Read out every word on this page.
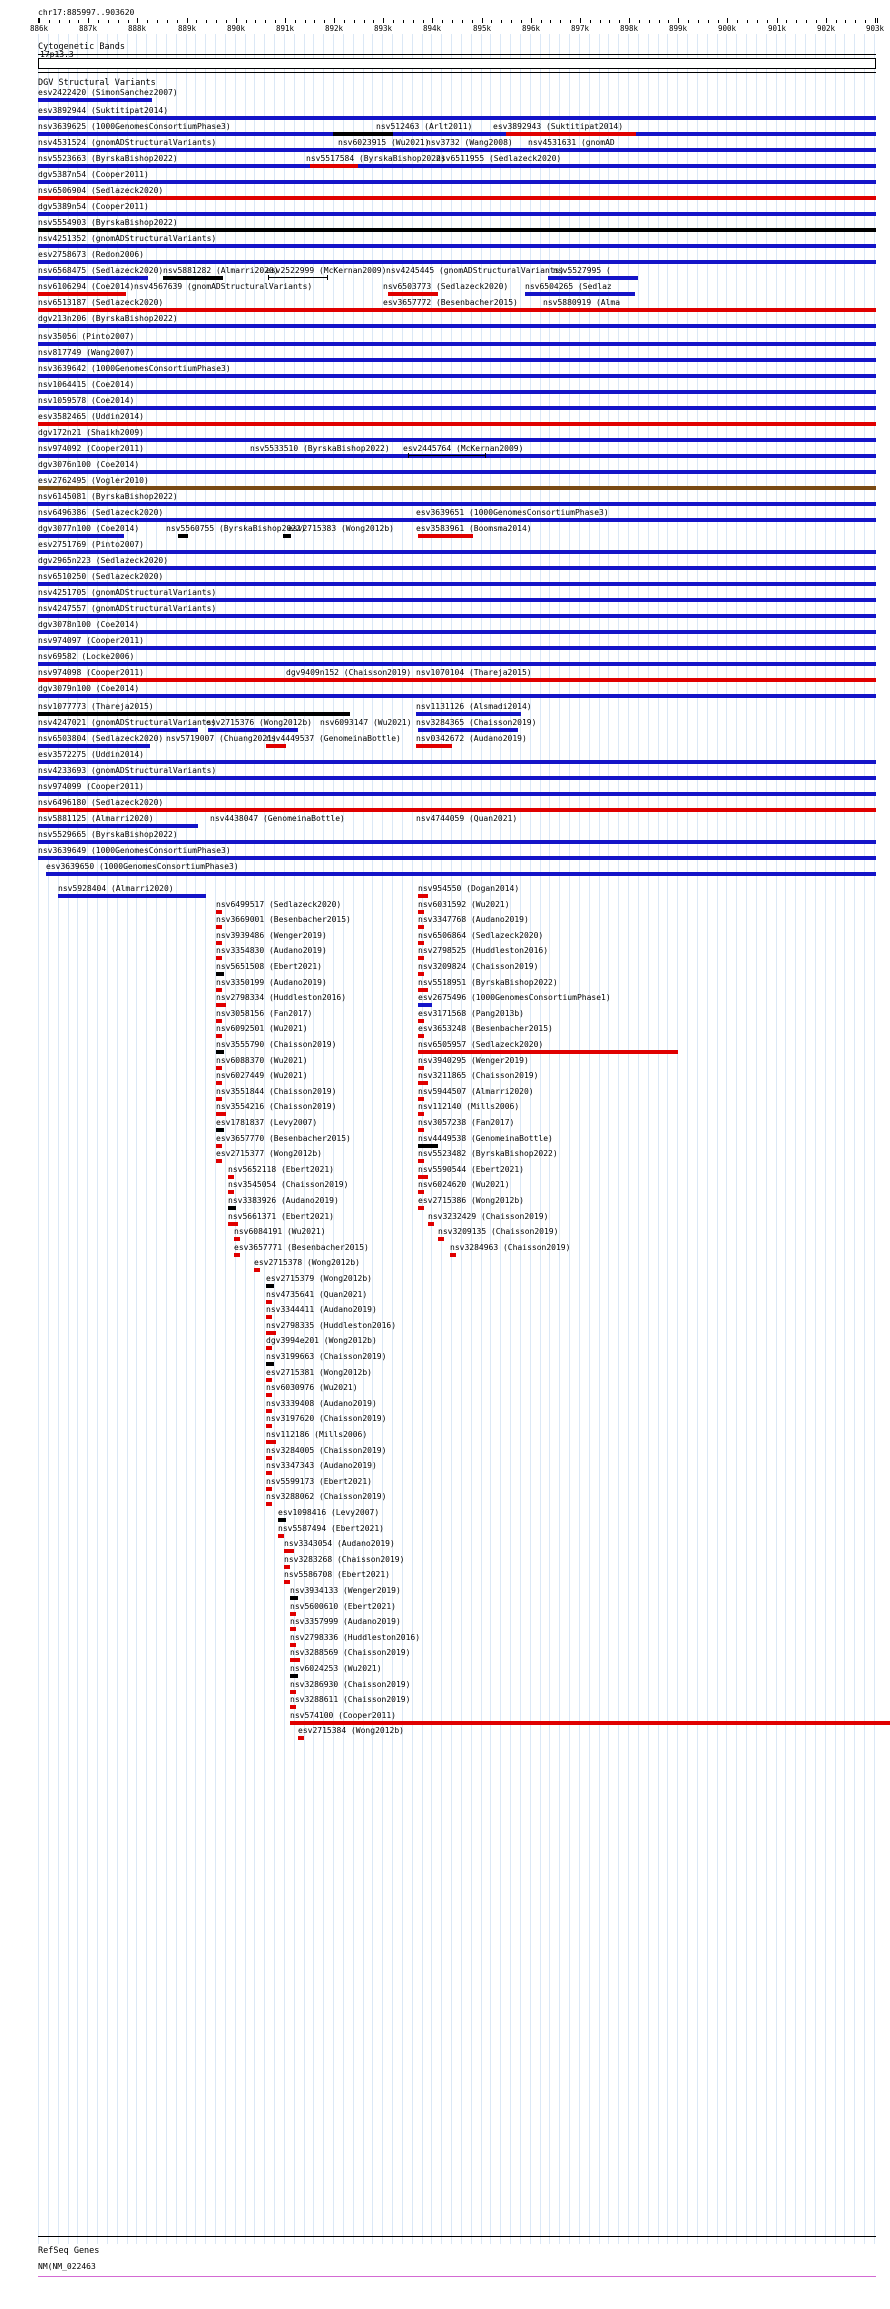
chr17:885997..903620
886k	887k	888k	889k	890k	891k	892k	893k	894k	895k	896k	897k	898k	899k	900k	901k	902k	903k
Cytogenetic Bands
17p13.3
DGV Structural Variants
esv2422420 (SimonSanchez2007)
esv3892944 (Suktitipat2014)
nsv3639625 (1000GenomesConsortiumPhase3)	nsv512463 (Arlt2011)	esv3892943 (Suktitipat2014)
nsv4531524 (gnomADStructuralVariants)	nsv6023915 (Wu2021)
nsv3732 (Wang2008) nsv4531631 (gnomAD
nsv5523663 (ByrskaBishop2022)	nsv5517584 (ByrskaBishop2022)
nsv6511955 (Sedlazeck2020)
dgv5387n54 (Cooper2011)
nsv6506904 (Sedlazeck2020)
dgv5389n54 (Cooper2011)
nsv5554903 (ByrskaBishop2022)
nsv4251352 (gnomADStructuralVariants)
esv2758673 (Redon2006)
nsv6568475 (Sedlazeck2020) nsv5881282 (Almarri2020)
esv2522999 (McKernan2009) nsv4245445 (gnomADStructuralVariants)
nsv5527995 (
nsv6106294 (Coe2014) nsv4567639 (gnomADStructuralVariants)	nsv6503773 (Sedlazeck2020) nsv6504265 (Sedlaz
nsv6513187 (Sedlazeck2020)	esv3657772 (Besenbacher2015)	nsv5880919 (Alma
dgv213n206 (ByrskaBishop2022)
nsv35056 (Pinto2007)
nsv817749 (Wang2007)
nsv3639642 (1000GenomesConsortiumPhase3)
nsv1064415 (Coe2014)
nsv1059578 (Coe2014)
esv3582465 (Uddin2014)
dgv172n21 (Shaikh2009)
nsv974092 (Cooper2011)	nsv5533510 (ByrskaBishop2022) esv2445764 (McKernan2009)
dgv3076n100 (Coe2014)
esv2762495 (Vogler2010)
nsv6145081 (ByrskaBishop2022)
nsv6496386 (Sedlazeck2020)	esv3639651 (1000GenomesConsortiumPhase3)
dgv3077n100 (Coe2014)	nsv5560755 (ByrskaBishop2022)
esv2715383 (Wong2012b)	esv3583961 (Boomsma2014)
esv2751769 (Pinto2007)
dgv2965n223 (Sedlazeck2020)
nsv6510250 (Sedlazeck2020)
nsv4251705 (gnomADStructuralVariants)
nsv4247557 (gnomADStructuralVariants)
dgv3078n100 (Coe2014)
nsv974097 (Cooper2011)
nsv69582 (Locke2006)
nsv974098 (Cooper2011)	dgv9409n152 (Chaisson2019) nsv1070104 (Thareja2015)
dgv3079n100 (Coe2014)
nsv1077773 (Thareja2015)	nsv1131126 (Alsmadi2014)
nsv4247021 (gnomADStructuralVariants)
esv2715376 (Wong2012b) nsv6093147 (Wu2021) nsv3284365 (Chaisson2019)
nsv6503804 (Sedlazeck2020) nsv5719007 (Chuang2021)
nsv4449537 (GenomeinaBottle) nsv0342672 (Audano2019)
esv3572275 (Uddin2014)
nsv4233693 (gnomADStructuralVariants)
nsv974099 (Cooper2011)
nsv6496180 (Sedlazeck2020)
nsv5881125 (Almarri2020)	nsv4438047 (GenomeinaBottle)	nsv4744059 (Quan2021)
nsv5529665 (ByrskaBishop2022)
nsv3639649 (1000GenomesConsortiumPhase3)
esv3639650 (1000GenomesConsortiumPhase3)
nsv5928404 (Almarri2020)
nsv6499517 (Sedlazeck2020)
nsv3669001 (Besenbacher2015)
nsv3939486 (Wenger2019)
nsv3354830 (Audano2019)
nsv5651508 (Ebert2021)
nsv3350199 (Audano2019)
nsv2798334 (Huddleston2016)
nsv3058156 (Fan2017)
nsv6092501 (Wu2021)
nsv3555790 (Chaisson2019)
nsv6088370 (Wu2021)
nsv6027449 (Wu2021)
nsv3551844 (Chaisson2019)
nsv3554216 (Chaisson2019)
esv1781837 (Levy2007)
esv3657770 (Besenbacher2015)
esv2715377 (Wong2012b)
nsv5652118 (Ebert2021)
nsv3545054 (Chaisson2019)
nsv3383926 (Audano2019)
nsv5661371 (Ebert2021)
nsv6084191 (Wu2021)
esv3657771 (Besenbacher2015)
esv2715378 (Wong2012b)
esv2715379 (Wong2012b)
nsv4735641 (Quan2021)
nsv3344411 (Audano2019)
nsv2798335 (Huddleston2016)
dgv3994e201 (Wong2012b)
nsv3199663 (Chaisson2019)
esv2715381 (Wong2012b)
nsv6030976 (Wu2021)
nsv3339408 (Audano2019)
nsv3197620 (Chaisson2019)
nsv112186 (Mills2006)
nsv3284005 (Chaisson2019)
nsv3347343 (Audano2019)
nsv5599173 (Ebert2021)
nsv3288062 (Chaisson2019)
esv1098416 (Levy2007)
nsv5587494 (Ebert2021)
nsv3343054 (Audano2019)
nsv3283268 (Chaisson2019)
nsv5586708 (Ebert2021)
nsv3934133 (Wenger2019)
nsv5600610 (Ebert2021)
nsv3357999 (Audano2019)
nsv2798336 (Huddleston2016)
nsv3288569 (Chaisson2019)
nsv6024253 (Wu2021)
nsv3286930 (Chaisson2019)
nsv3288611 (Chaisson2019)
nsv574100 (Cooper2011)
esv2715384 (Wong2012b)
nsv954550 (Dogan2014)
nsv6031592 (Wu2021)
nsv3347768 (Audano2019)
nsv6506864 (Sedlazeck2020)
nsv2798525 (Huddleston2016)
nsv3209824 (Chaisson2019)
nsv5518951 (ByrskaBishop2022)
esv2675496 (1000GenomesConsortiumPhase1)
esv3171568 (Pang2013b)
esv3653248 (Besenbacher2015)
nsv6505957 (Sedlazeck2020)
nsv3940295 (Wenger2019)
nsv3211865 (Chaisson2019)
nsv5944507 (Almarri2020)
nsv112140 (Mills2006)
nsv3057238 (Fan2017)
nsv4449538 (GenomeinaBottle)
nsv5523482 (ByrskaBishop2022)
nsv5590544 (Ebert2021)
nsv6024620 (Wu2021)
esv2715386 (Wong2012b)
nsv3232429 (Chaisson2019)
nsv3209135 (Chaisson2019)
nsv3284963 (Chaisson2019)
RefSeq Genes
NM(NM_022463
